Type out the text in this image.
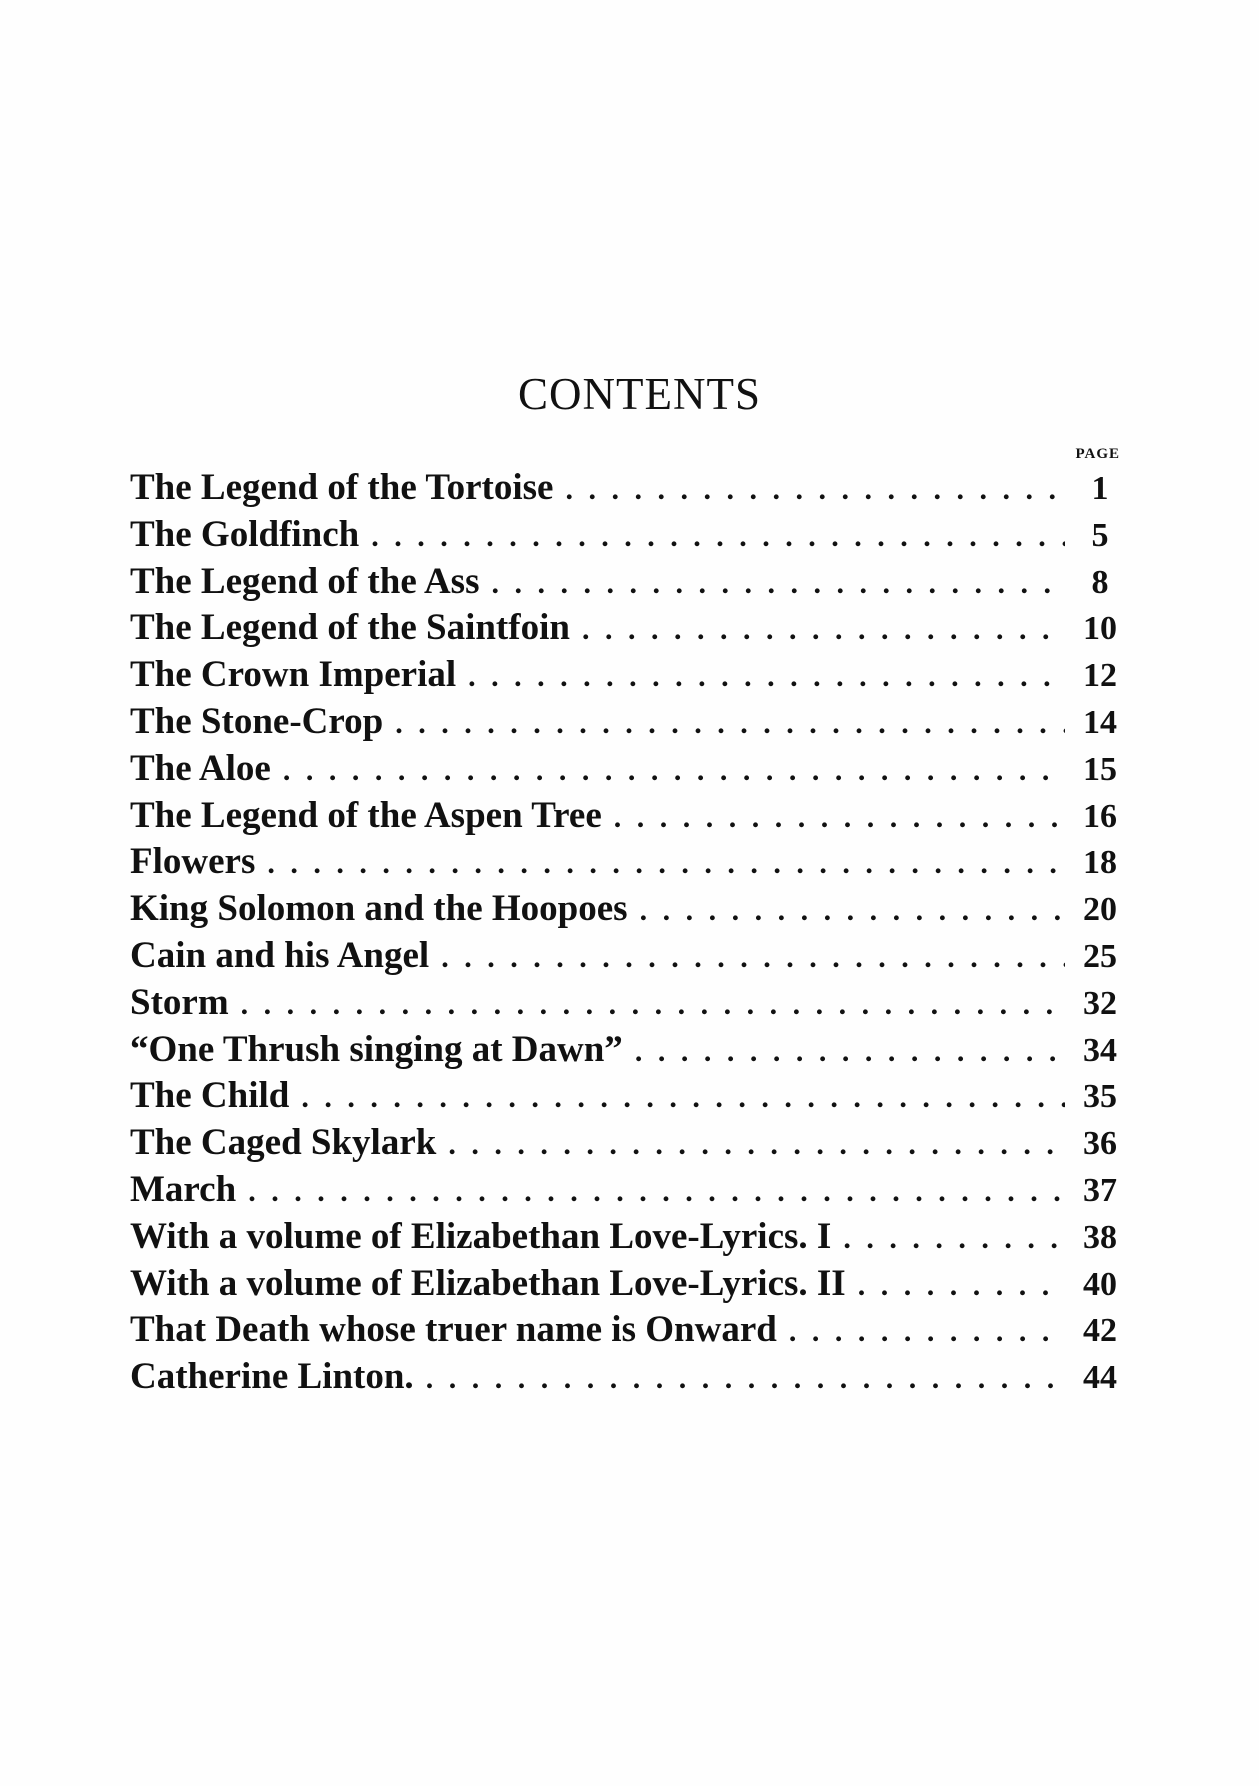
CONTENTS
PAGE
The Legend of the Tortoise . . .	1
The Goldfinch . . .	5
The Legend of the Ass . . .	8
The Legend of the Saintfoin . . .	10
The Crown Imperial . . .	12
The Stone-Crop . . .	14
The Aloe . . .	15
The Legend of the Aspen Tree . . .	16
Flowers . . .	18
King Solomon and the Hoopoes . . .	20
Cain and his Angel . . .	25
Storm . . .	32
“One Thrush singing at Dawn” . . .	34
The Child . . .	35
The Caged Skylark . . .	36
March . . .	37
With a volume of Elizabethan Love-Lyrics. I . . .	38
With a volume of Elizabethan Love-Lyrics. II . . .	40
That Death whose truer name is Onward . . .	42
Catherine Linton. . . .	44
